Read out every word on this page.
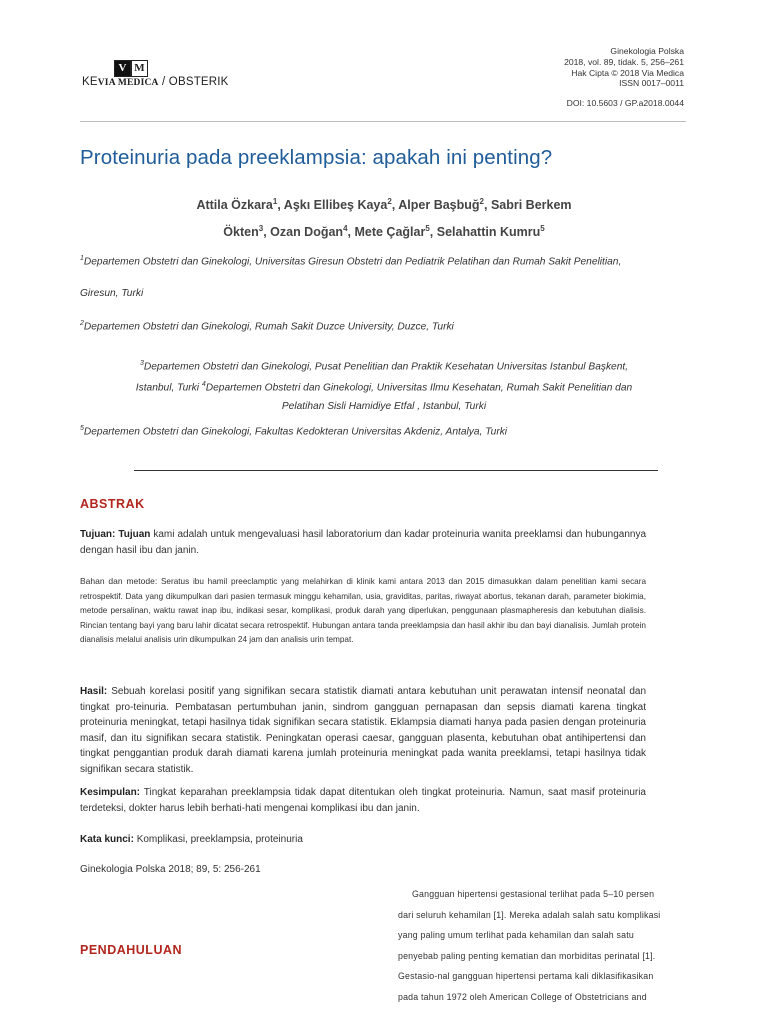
V M
KEVIA MEDICA / OBSTERIK
Ginekologia Polska
2018, vol. 89, tidak. 5, 256–261
Hak Cipta © 2018 Via Medica
ISSN 0017–0011
DOI: 10.5603 / GP.a2018.0044
Proteinuria pada preeklampsia: apakah ini penting?
Attila Özkara$^1$, Aşkı Ellibeş Kaya$^2$, Alper Başbuğ$^2$, Sabri Berkem
Ökten$^3$, Ozan Doğan$^4$, Mete Çağlar$^5$, Selahattin Kumru$^5$
$^1$Departemen Obstetri dan Ginekologi, Universitas Giresun Obstetri dan Pediatrik Pelatihan dan Rumah Sakit Penelitian,
Giresun, Turki
$^2$Departemen Obstetri dan Ginekologi, Rumah Sakit Duzce University, Duzce, Turki
$^3$Departemen Obstetri dan Ginekologi, Pusat Penelitian dan Praktik Kesehatan Universitas Istanbul Başkent,
Istanbul, Turki $^4$Departemen Obstetri dan Ginekologi, Universitas Ilmu Kesehatan, Rumah Sakit Penelitian dan
Pelatihan Sisli Hamidiye Etfal , Istanbul, Turki
$^5$Departemen Obstetri dan Ginekologi, Fakultas Kedokteran Universitas Akdeniz, Antalya, Turki
ABSTRAK
Tujuan: Tujuan kami adalah untuk mengevaluasi hasil laboratorium dan kadar proteinuria wanita preeklamsi dan hubungannya dengan hasil ibu dan janin.
Bahan dan metode: Seratus ibu hamil preeclamptic yang melahirkan di klinik kami antara 2013 dan 2015 dimasukkan dalam penelitian kami secara retrospektif. Data yang dikumpulkan dari pasien termasuk minggu kehamilan, usia, graviditas, paritas, riwayat abortus, tekanan darah, parameter biokimia, metode persalinan, waktu rawat inap ibu, indikasi sesar, komplikasi, produk darah yang diperlukan, penggunaan plasmapheresis dan kebutuhan dialisis. Rincian tentang bayi yang baru lahir dicatat secara retrospektif. Hubungan antara tanda preeklampsia dan hasil akhir ibu dan bayi dianalisis. Jumlah protein dianalisis melalui analisis urin dikumpulkan 24 jam dan analisis urin tempat.
Hasil: Sebuah korelasi positif yang signifikan secara statistik diamati antara kebutuhan unit perawatan intensif neonatal dan tingkat pro-teinuria. Pembatasan pertumbuhan janin, sindrom gangguan pernapasan dan sepsis diamati karena tingkat proteinuria meningkat, tetapi hasilnya tidak signifikan secara statistik. Eklampsia diamati hanya pada pasien dengan proteinuria masif, dan itu signifikan secara statistik. Peningkatan operasi caesar, gangguan plasenta, kebutuhan obat antihipertensi dan tingkat penggantian produk darah diamati karena jumlah proteinuria meningkat pada wanita preeklamsi, tetapi hasilnya tidak signifikan secara statistik.
Kesimpulan: Tingkat keparahan preeklampsia tidak dapat ditentukan oleh tingkat proteinuria. Namun, saat masif proteinuria terdeteksi, dokter harus lebih berhati-hati mengenai komplikasi ibu dan janin.
Kata kunci: Komplikasi, preeklampsia, proteinuria
Ginekologia Polska 2018; 89, 5: 256-261
PENDAHULUAN
Gangguan hipertensi gestasional terlihat pada 5–10 persen
dari seluruh kehamilan [1]. Mereka adalah salah satu komplikasi
yang paling umum terlihat pada kehamilan dan salah satu
penyebab paling penting kematian dan morbiditas perinatal [1].
Gestasio-nal gangguan hipertensi pertama kali diklasifikasikan
pada tahun 1972 oleh American College of Obstetricians and
